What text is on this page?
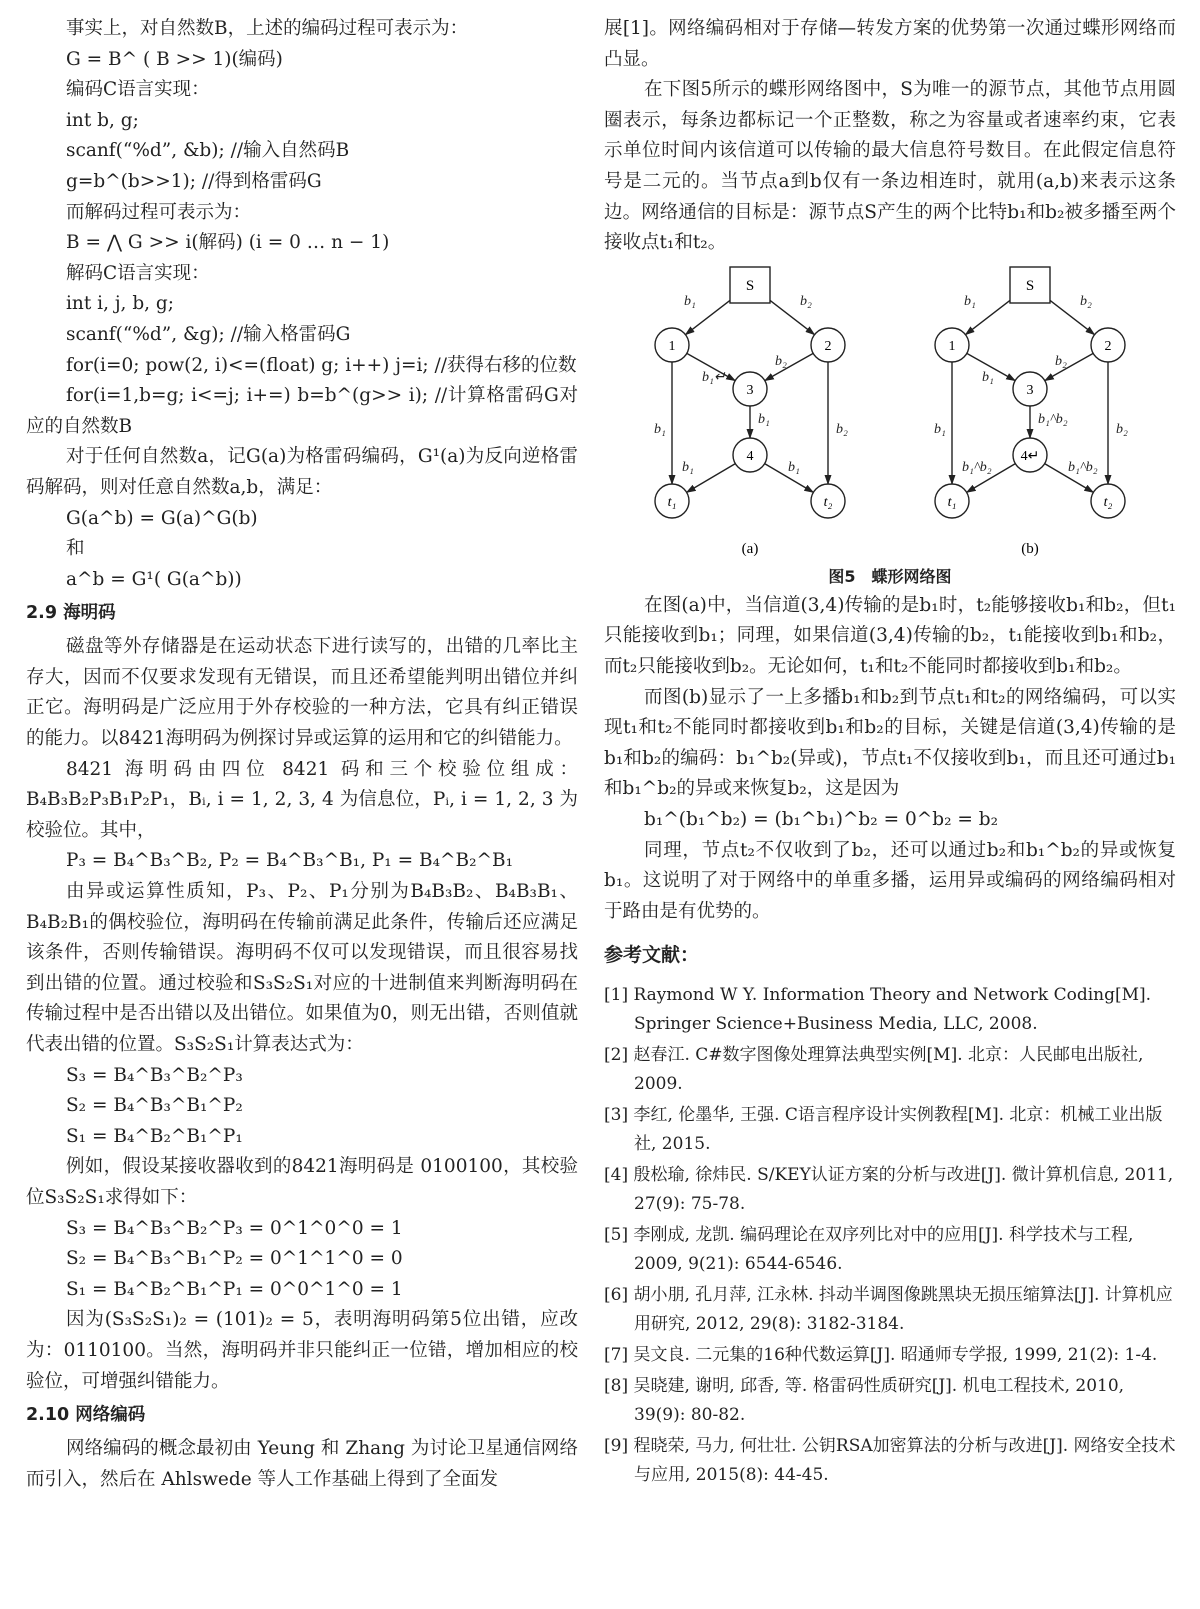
事实上，对自然数B，上述的编码过程可表示为：
G = B^ ( B >> 1)(编码)
编码C语言实现：
int b, g;
scanf(“%d”, &b); //输入自然码B
g=b^(b>>1); //得到格雷码G
而解码过程可表示为：
B = ⋀ G >> i(解码) (i = 0 … n − 1)
解码C语言实现：
int i, j, b, g;
scanf(“%d”, &g); //输入格雷码G
for(i=0; pow(2, i)<=(float) g; i++) j=i; //获得右移的位数
for(i=1,b=g; i<=j; i+=) b=b^(g>> i); //计算格雷码G对应的自然数B
对于任何自然数a，记G(a)为格雷码编码，G¹(a)为反向逆格雷码解码，则对任意自然数a,b，满足：
G(a^b) = G(a)^G(b)
和
a^b = G¹( G(a^b))
2.9 海明码
磁盘等外存储器是在运动状态下进行读写的，出错的几率比主存大，因而不仅要求发现有无错误，而且还希望能判明出错位并纠正它。海明码是广泛应用于外存校验的一种方法，它具有纠正错误的能力。以8421海明码为例探讨异或运算的运用和它的纠错能力。
8421 海明码由四位 8421 码和三个校验位组成：B₄B₃B₂P₃B₁P₂P₁，Bᵢ, i = 1, 2, 3, 4 为信息位，Pᵢ, i = 1, 2, 3 为校验位。其中，
P₃ = B₄^B₃^B₂, P₂ = B₄^B₃^B₁, P₁ = B₄^B₂^B₁
由异或运算性质知，P₃、P₂、P₁分别为B₄B₃B₂、B₄B₃B₁、B₄B₂B₁的偶校验位，海明码在传输前满足此条件，传输后还应满足该条件，否则传输错误。海明码不仅可以发现错误，而且很容易找到出错的位置。通过校验和S₃S₂S₁对应的十进制值来判断海明码在传输过程中是否出错以及出错位。如果值为0，则无出错，否则值就代表出错的位置。S₃S₂S₁计算表达式为：
S₃ = B₄^B₃^B₂^P₃
S₂ = B₄^B₃^B₁^P₂
S₁ = B₄^B₂^B₁^P₁
例如，假设某接收器收到的8421海明码是 0100100，其校验位S₃S₂S₁求得如下：
S₃ = B₄^B₃^B₂^P₃ = 0^1^0^0 = 1
S₂ = B₄^B₃^B₁^P₂ = 0^1^1^0 = 0
S₁ = B₄^B₂^B₁^P₁ = 0^0^1^0 = 1
因为(S₃S₂S₁)₂ = (101)₂ = 5，表明海明码第5位出错，应改为：0110100。当然，海明码并非只能纠正一位错，增加相应的校验位，可增强纠错能力。
2.10 网络编码
网络编码的概念最初由 Yeung 和 Zhang 为讨论卫星通信网络而引入，然后在 Ahlswede 等人工作基础上得到了全面发
展[1]。网络编码相对于存储—转发方案的优势第一次通过蝶形网络而凸显。
在下图5所示的蝶形网络图中，S为唯一的源节点，其他节点用圆圈表示，每条边都标记一个正整数，称之为容量或者速率约束，它表示单位时间内该信道可以传输的最大信息符号数目。在此假定信息符号是二元的。当节点a到b仅有一条边相连时，就用(a,b)来表示这条边。网络通信的目标是：源节点S产生的两个比特b₁和b₂被多播至两个接收点t₁和t₂。
b₁	b₂
b₁↵
b₂
b₁
b₁	b₂
b₁	b₁
S
1	2
3
4
t₁	t₂
(a)
b₁	b₂
b₁
b₂
b₁^b₂
b₁	b₂
b₁^b₂	b₁^b₂
S
1	2
3
4↵
t₁	t₂
(b)
图5　蝶形网络图
在图(a)中，当信道(3,4)传输的是b₁时，t₂能够接收b₁和b₂，但t₁只能接收到b₁；同理，如果信道(3,4)传输的b₂，t₁能接收到b₁和b₂，而t₂只能接收到b₂。无论如何，t₁和t₂不能同时都接收到b₁和b₂。
而图(b)显示了一上多播b₁和b₂到节点t₁和t₂的网络编码，可以实现t₁和t₂不能同时都接收到b₁和b₂的目标，关键是信道(3,4)传输的是b₁和b₂的编码：b₁^b₂(异或)，节点t₁不仅接收到b₁，而且还可通过b₁和b₁^b₂的异或来恢复b₂，这是因为
b₁^(b₁^b₂) = (b₁^b₁)^b₂ = 0^b₂ = b₂
同理，节点t₂不仅收到了b₂，还可以通过b₂和b₁^b₂的异或恢复b₁。这说明了对于网络中的单重多播，运用异或编码的网络编码相对于路由是有优势的。
参考文献：
[1] Raymond W Y. Information Theory and Network Coding[M]. Springer Science+Business Media, LLC, 2008.
[2] 赵春江. C#数字图像处理算法典型实例[M]. 北京：人民邮电出版社, 2009.
[3] 李红, 伦墨华, 王强. C语言程序设计实例教程[M]. 北京：机械工业出版社, 2015.
[4] 殷松瑜, 徐炜民. S/KEY认证方案的分析与改进[J]. 微计算机信息, 2011, 27(9): 75-78.
[5] 李刚成, 龙凯. 编码理论在双序列比对中的应用[J]. 科学技术与工程, 2009, 9(21): 6544-6546.
[6] 胡小朋, 孔月萍, 江永林. 抖动半调图像跳黑块无损压缩算法[J]. 计算机应用研究, 2012, 29(8): 3182-3184.
[7] 吴文良. 二元集的16种代数运算[J]. 昭通师专学报, 1999, 21(2): 1-4.
[8] 吴晓建, 谢明, 邱香, 等. 格雷码性质研究[J]. 机电工程技术, 2010, 39(9): 80-82.
[9] 程晓荣, 马力, 何壮壮. 公钥RSA加密算法的分析与改进[J]. 网络安全技术与应用, 2015(8): 44-45.
